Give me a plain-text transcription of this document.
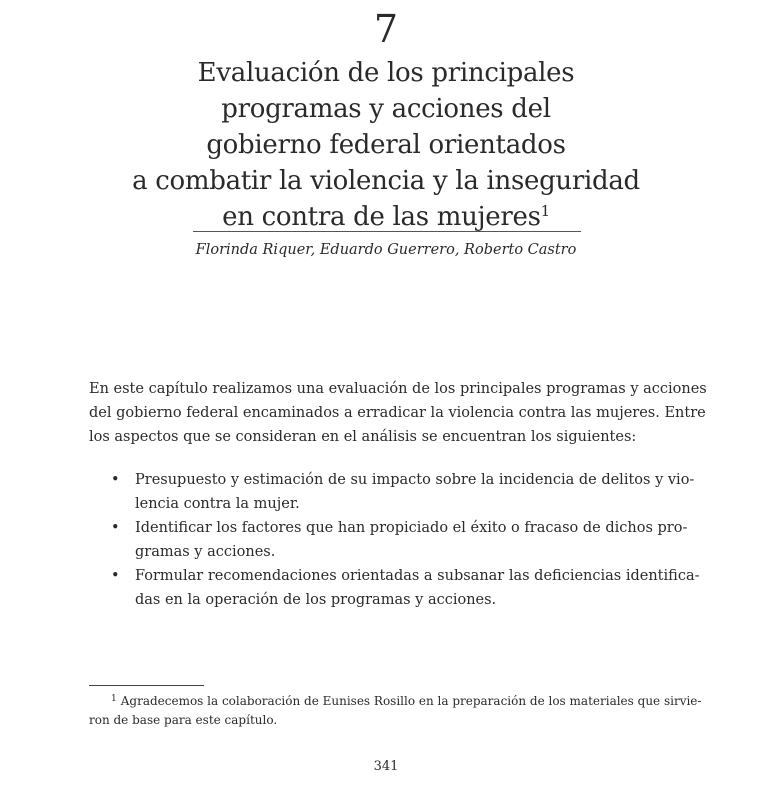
7
Evaluación de los principales
programas y acciones del
gobierno federal orientados
a combatir la violencia y la inseguridad
en contra de las mujeres$^1$
Florinda Riquer, Eduardo Guerrero, Roberto Castro

En este capítulo realizamos una evaluación de los principales programas y acciones
del gobierno federal encaminados a erradicar la violencia contra las mujeres. Entre
los aspectos que se consideran en el análisis se encuentran los siguientes:

• Presupuesto y estimación de su impacto sobre la incidencia de delitos y vio-
lencia contra la mujer.
• Identificar los factores que han propiciado el éxito o fracaso de dichos pro-
gramas y acciones.
• Formular recomendaciones orientadas a subsanar las deficiencias identifica-
das en la operación de los programas y acciones.

$^1$ Agradecemos la colaboración de Eunises Rosillo en la preparación de los materiales que sirvie-
ron de base para este capítulo.

341
